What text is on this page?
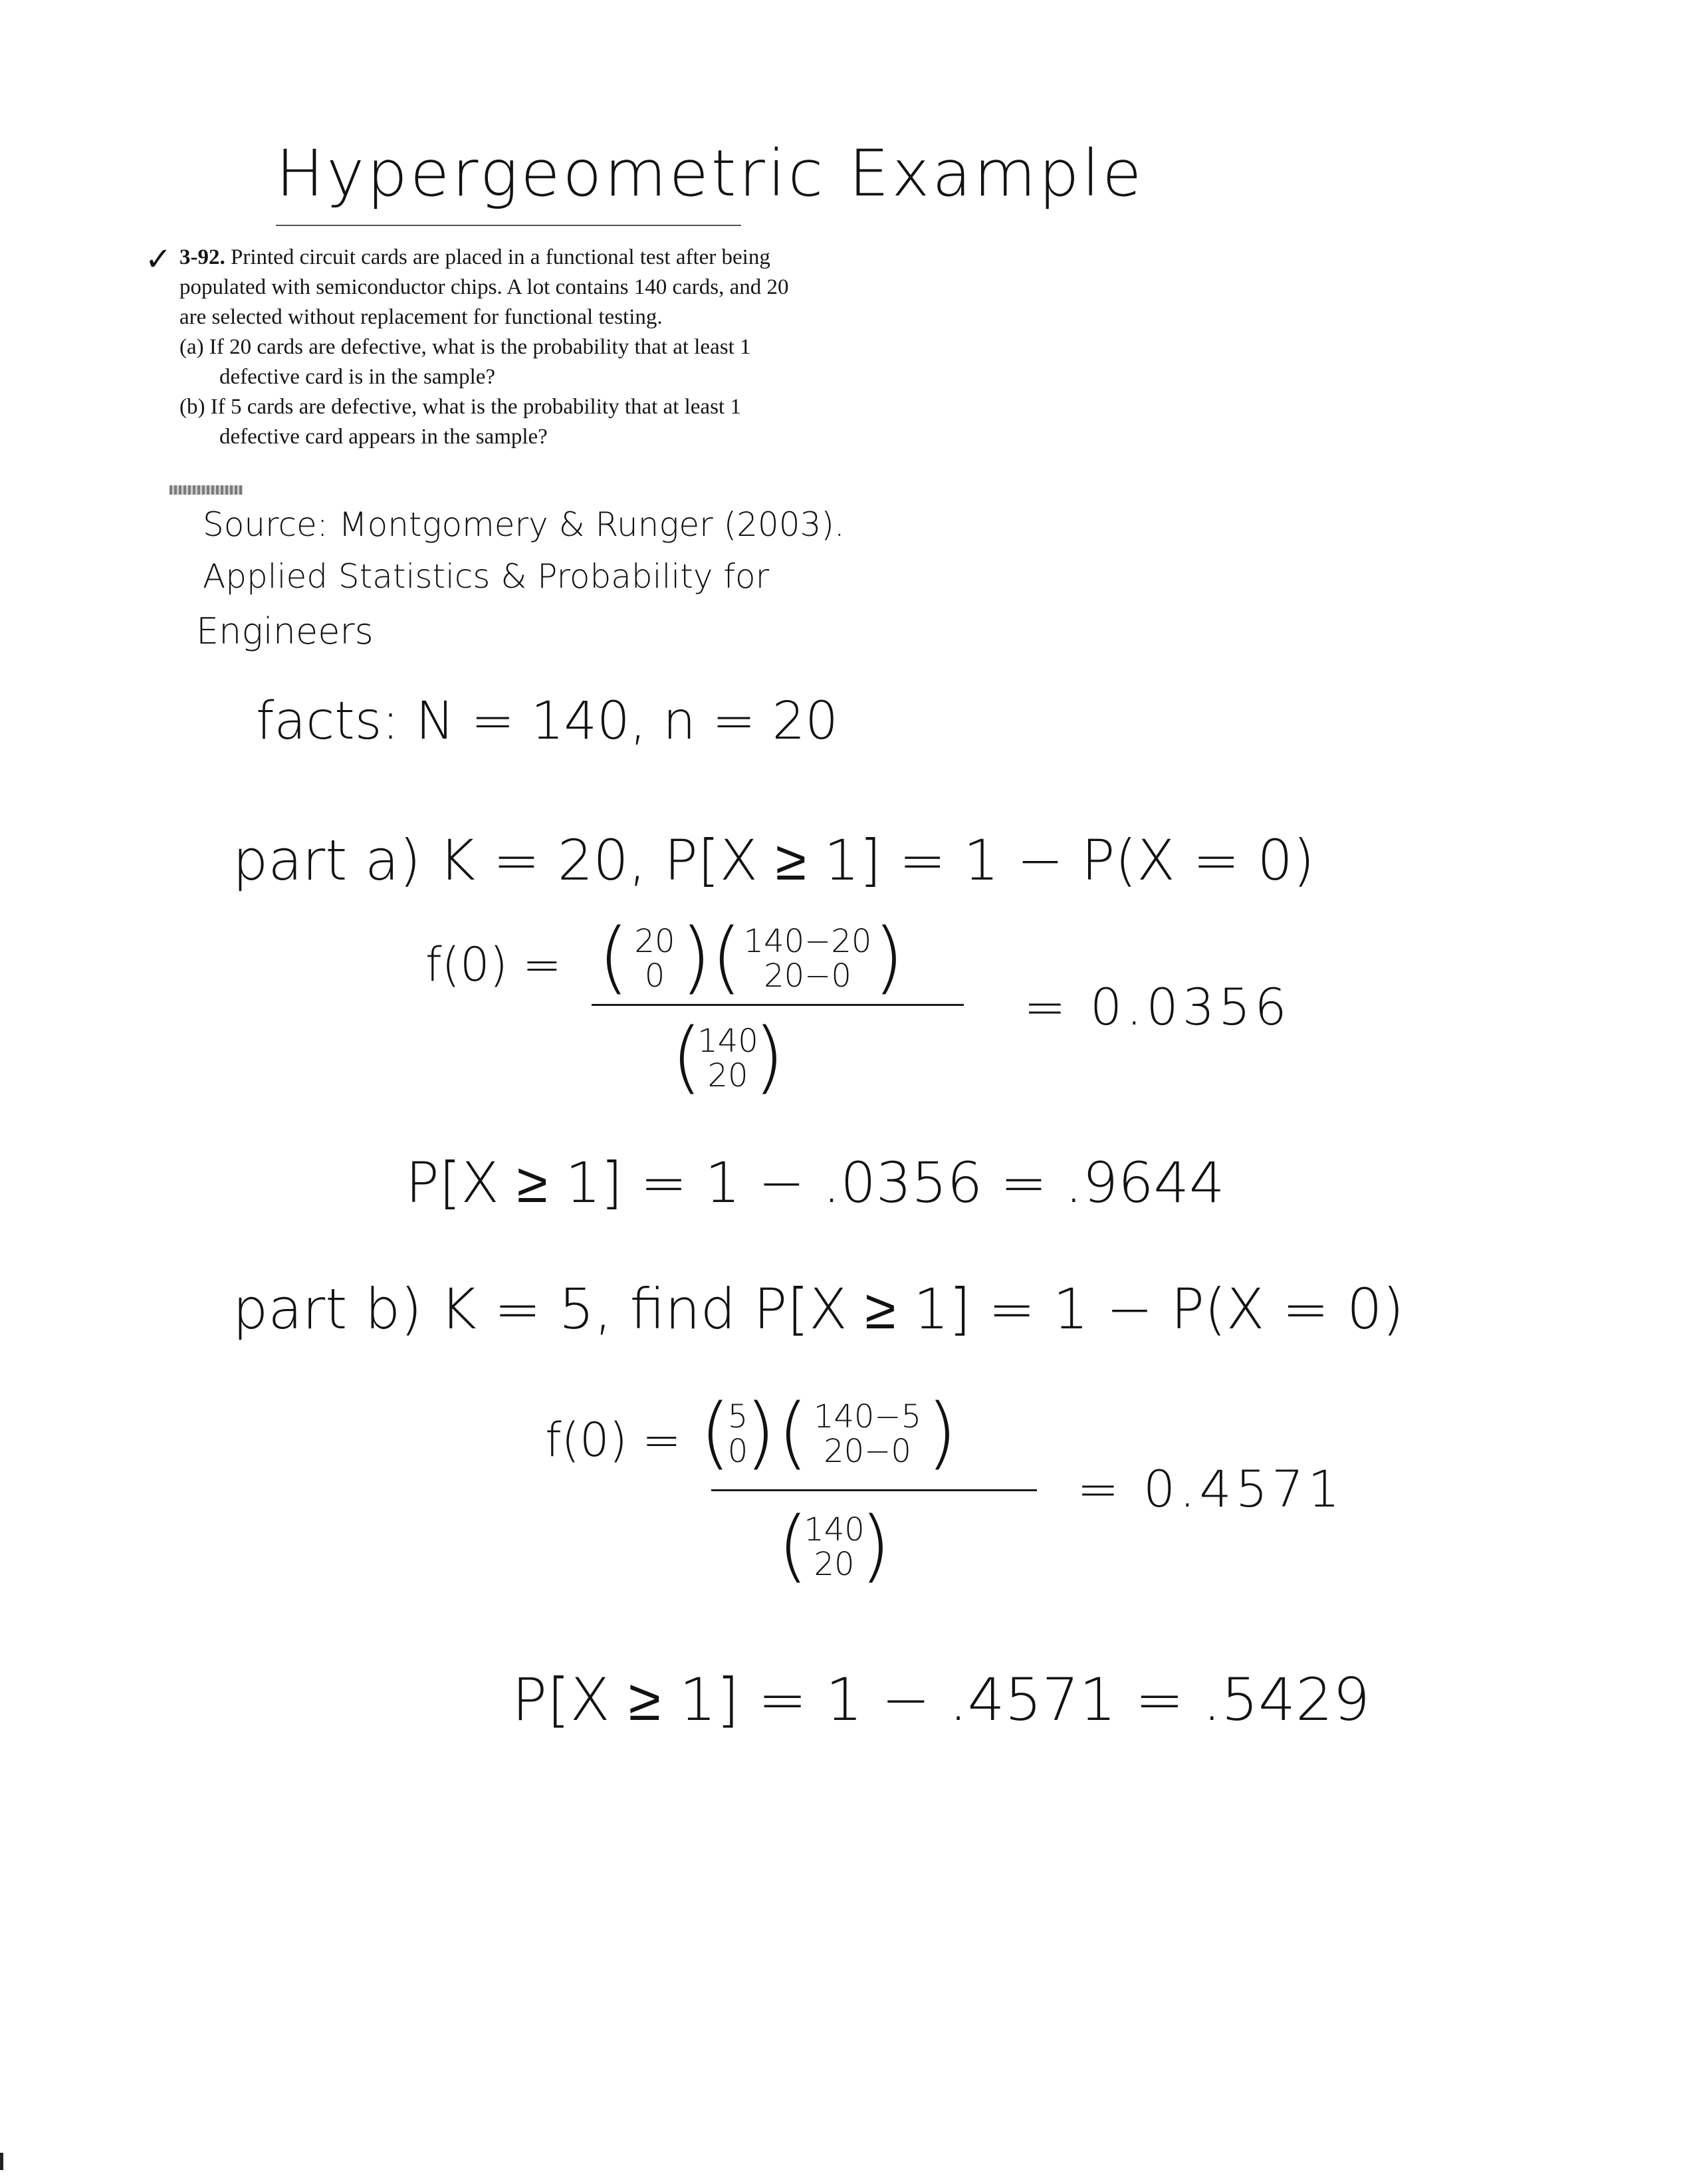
Hypergeometric Example
✓ 3-92. Printed circuit cards are placed in a functional test after being populated with semiconductor chips. A lot contains 140 cards, and 20 are selected without replacement for functional testing.

(a) If 20 cards are defective, what is the probability that at least 1 defective card is in the sample?

(b) If 5 cards are defective, what is the probability that at least 1 defective card appears in the sample?

Source: Montgomery & Runger (2003).
Applied Statistics & Probability for
Engineers
facts: N = 140, n = 20
part a) K = 20, P[X ≥ 1] = 1 − P(X = 0)
f(0) = ( 20
0 ) ( 140−20
20−0 )
(
140
20 )
= 0.0356
P[X ≥ 1] = 1 − .0356 = .9644
part b) K = 5, find P[X ≥ 1] = 1 − P(X = 0)
f(0) = (
5
0
) ( 140−5
20−0 )
(
140
20 )
= 0.4571
P[X ≥ 1] = 1 − .4571 = .5429
